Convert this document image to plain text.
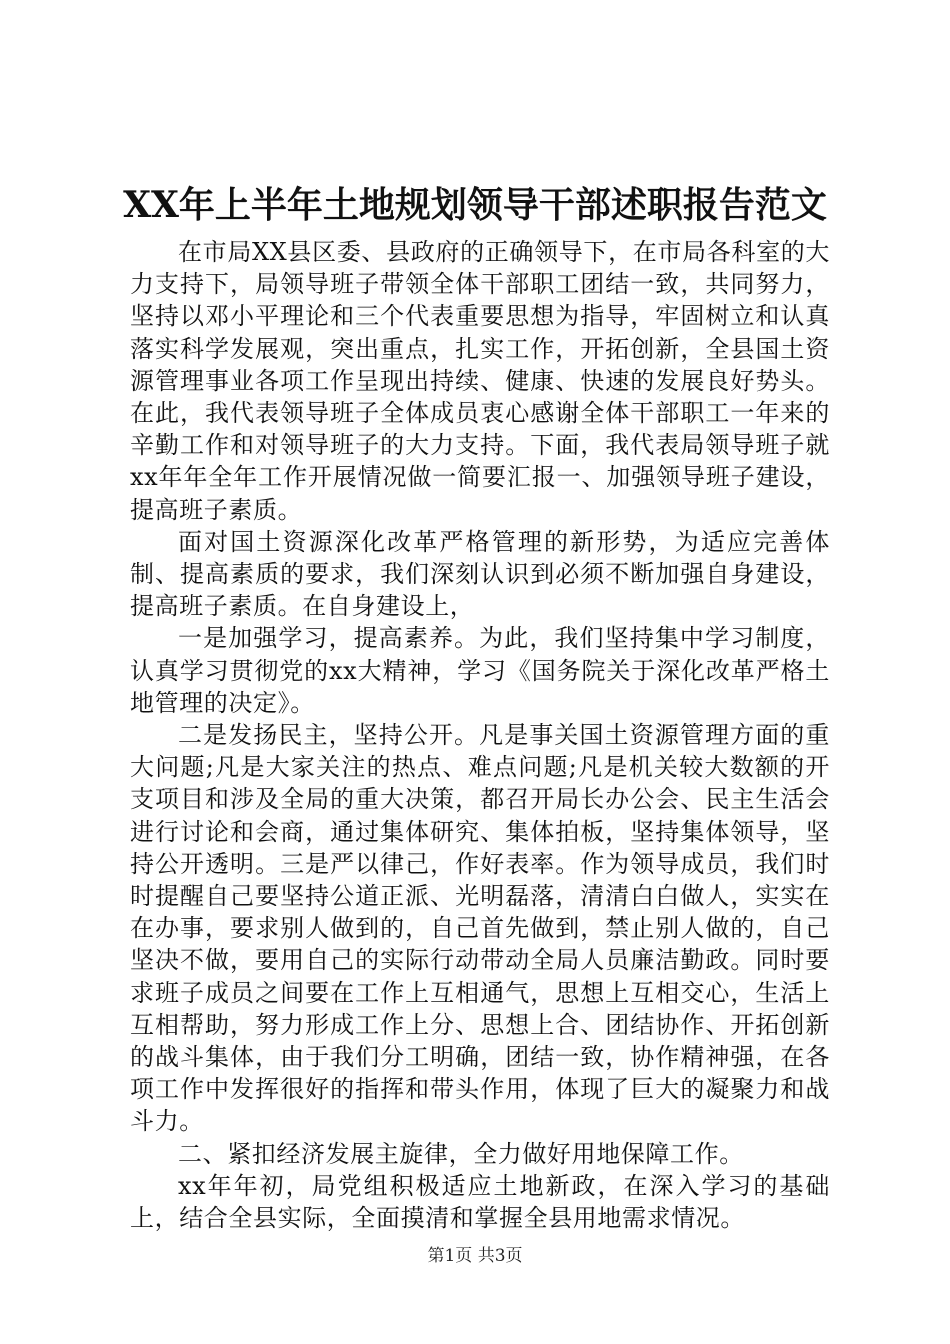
XX年上半年土地规划领导干部述职报告范文

在市局XX县区委、县政府的正确领导下，在市局各科室的大力支持下，局领导班子带领全体干部职工团结一致，共同努力，坚持以邓小平理论和三个代表重要思想为指导，牢固树立和认真落实科学发展观，突出重点，扎实工作，开拓创新，全县国土资源管理事业各项工作呈现出持续、健康、快速的发展良好势头。在此，我代表领导班子全体成员衷心感谢全体干部职工一年来的辛勤工作和对领导班子的大力支持。下面，我代表局领导班子就xx年年全年工作开展情况做一简要汇报一、加强领导班子建设，提高班子素质。

面对国土资源深化改革严格管理的新形势，为适应完善体制、提高素质的要求，我们深刻认识到必须不断加强自身建设，提高班子素质。在自身建设上，

一是加强学习，提高素养。为此，我们坚持集中学习制度，认真学习贯彻党的xx大精神，学习《国务院关于深化改革严格土地管理的决定》。

二是发扬民主，坚持公开。凡是事关国土资源管理方面的重大问题;凡是大家关注的热点、难点问题;凡是机关较大数额的开支项目和涉及全局的重大决策，都召开局长办公会、民主生活会进行讨论和会商，通过集体研究、集体拍板，坚持集体领导，坚持公开透明。三是严以律己，作好表率。作为领导成员，我们时时提醒自己要坚持公道正派、光明磊落，清清白白做人，实实在在办事，要求别人做到的，自己首先做到，禁止别人做的，自己坚决不做，要用自己的实际行动带动全局人员廉洁勤政。同时要求班子成员之间要在工作上互相通气，思想上互相交心，生活上互相帮助，努力形成工作上分、思想上合、团结协作、开拓创新的战斗集体，由于我们分工明确，团结一致，协作精神强，在各项工作中发挥很好的指挥和带头作用，体现了巨大的凝聚力和战斗力。

二、紧扣经济发展主旋律，全力做好用地保障工作。

xx年年初，局党组积极适应土地新政，在深入学习的基础上，结合全县实际，全面摸清和掌握全县用地需求情况。

第1页 共3页
